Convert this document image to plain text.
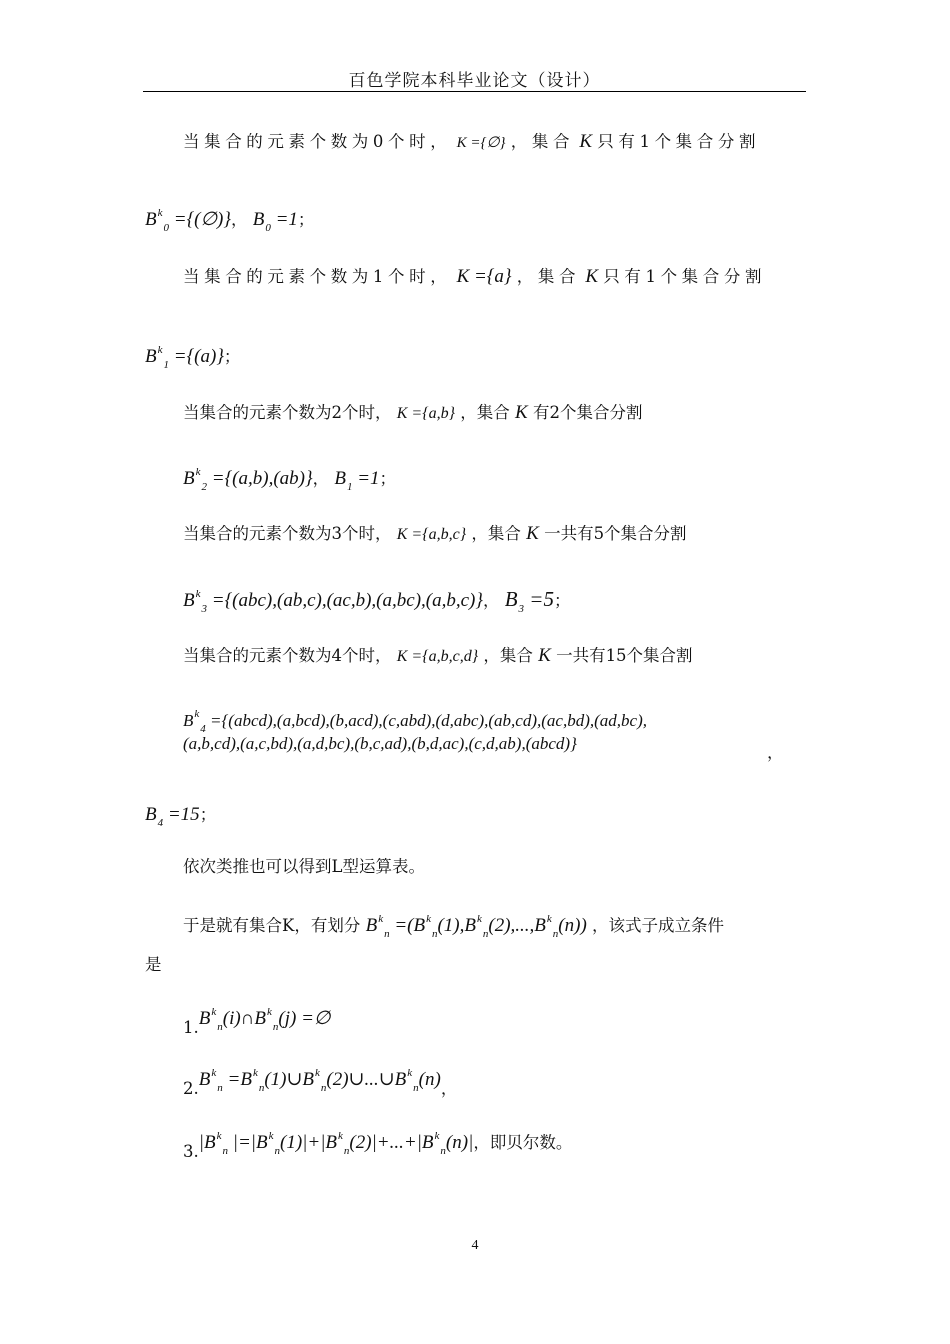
百色学院本科毕业论文（设计）
当集合的元素个数为0个时， K ={∅} ，集合 K 只有1个集合分割
$B^k_0$ ={(∅)}， $B_0 =1$；
当集合的元素个数为1个时， K ={a} ，集合 K 只有1个集合分割
$B^k_1 =\{(a)\}$；
当集合的元素个数为2个时， K ={a,b} ，集合 K 有2个集合分割
$B^k_2 =\{(a,b),(ab)\}$， $B_1 =1$；
当集合的元素个数为3个时， K ={a,b,c} ，集合 K 一共有5个集合分割
$B^k_3 =\{(abc),(ab,c),(ac,b),(a,bc),(a,b,c)\}$， $B_3 =5$；
当集合的元素个数为4个时， K ={a,b,c,d} ，集合 K 一共有15个集合割
$B^k_4$ ={(abcd),(a,bcd),(b,acd),(c,abd),(d,abc),(ab,cd),(ac,bd),(ad,bc),
(a,b,cd),(a,c,bd),(a,d,bc),(b,c,ad),(b,d,ac),(c,d,ab),(abcd)}	，
$B_4 =15$；
依次类推也可以得到L型运算表。
于是就有集合K，有划分 $B^k_n =(B^k_n(1),B^k_n(2),...,B^k_n(n))$ ，该式子成立条件
是
$1.B^k_n(i)\cap B^k_n(j)$ =∅
$2.B^k_n$ $=B^k_n(1)\cup B^k_n(2)\cup...\cup B^k_n(n)$，
$3.|B^k_n$ $|=|B^k_n(1)|+|B^k_n(2)|+...+|B^k_n(n)|$，即贝尔数。
4
